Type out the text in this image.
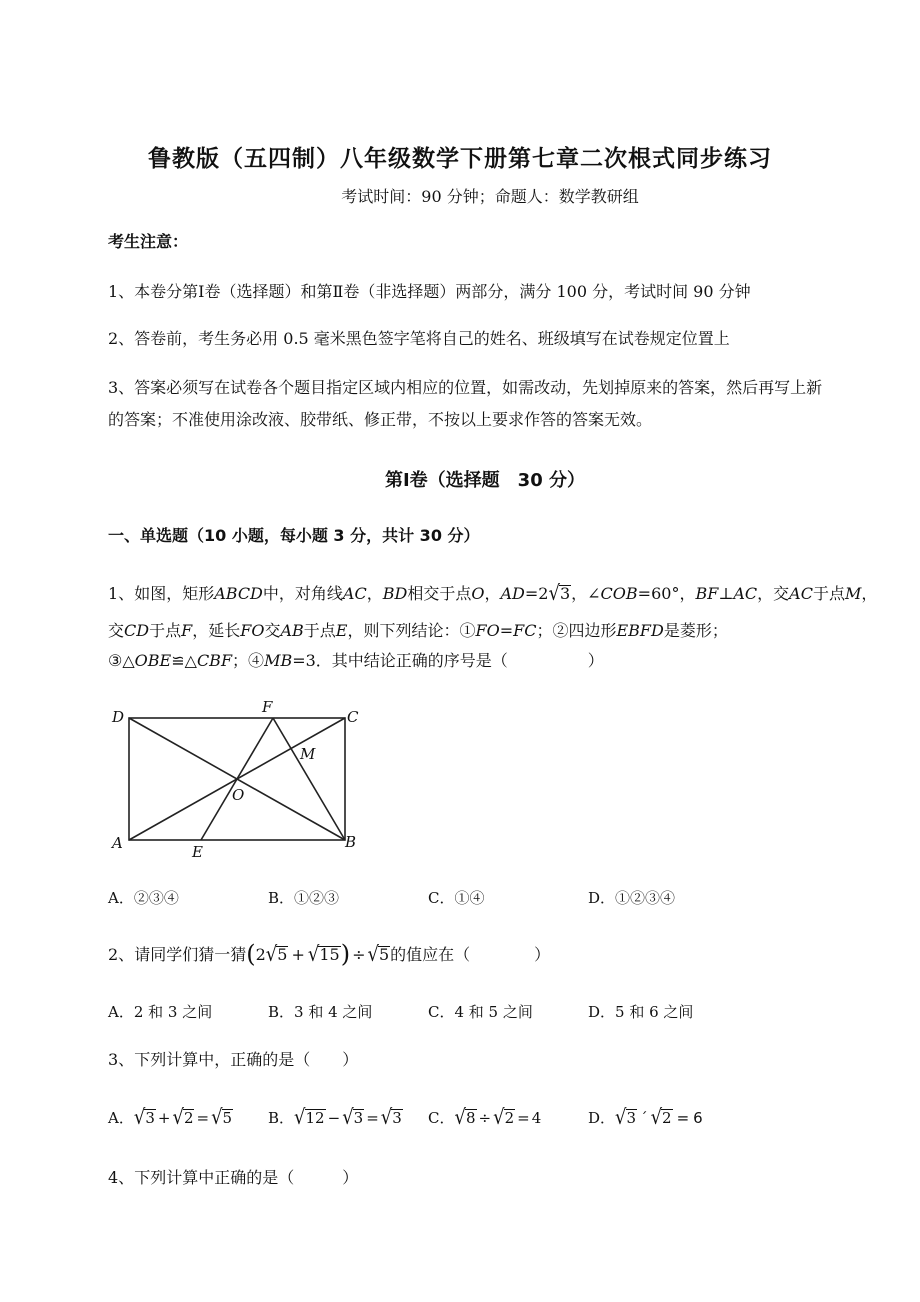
鲁教版（五四制）八年级数学下册第七章二次根式同步练习
考试时间：90 分钟；命题人：数学教研组
考生注意：
1、本卷分第Ⅰ卷（选择题）和第Ⅱ卷（非选择题）两部分，满分 100 分，考试时间 90 分钟
2、答卷前，考生务必用 0.5 毫米黑色签字笔将自己的姓名、班级填写在试卷规定位置上
3、答案必须写在试卷各个题目指定区域内相应的位置，如需改动，先划掉原来的答案，然后再写上新
的答案；不准使用涂改液、胶带纸、修正带，不按以上要求作答的答案无效。
第Ⅰ卷（选择题　30 分）
一、单选题（10 小题，每小题 3 分，共计 30 分）
1、如图，矩形ABCD中，对角线AC，BD相交于点O，AD=2√3，∠COB=60°，BF⊥AC，交AC于点M，
交CD于点F，延长FO交AB于点E，则下列结论：①FO=FC；②四边形EBFD是菱形；
③△OBE≌△CBF；④MB=3．其中结论正确的序号是（　　　　　）
D
F
C
M
O
A	E
B
A．②③④	B．①②③	C．①④	D．①②③④
2、请同学们猜一猜(2√5 + √15) ÷ √5的值应在（　　　　）
A．2 和 3 之间	B．3 和 4 之间	C．4 和 5 之间	D．5 和 6 之间
3、下列计算中，正确的是（　　）
A．√3 + √2 = √5 B．√12 − √3 = √3 C．√8 ÷ √2 = 4	D．√3 ´ √2 = 6
4、下列计算中正确的是（　　　）
